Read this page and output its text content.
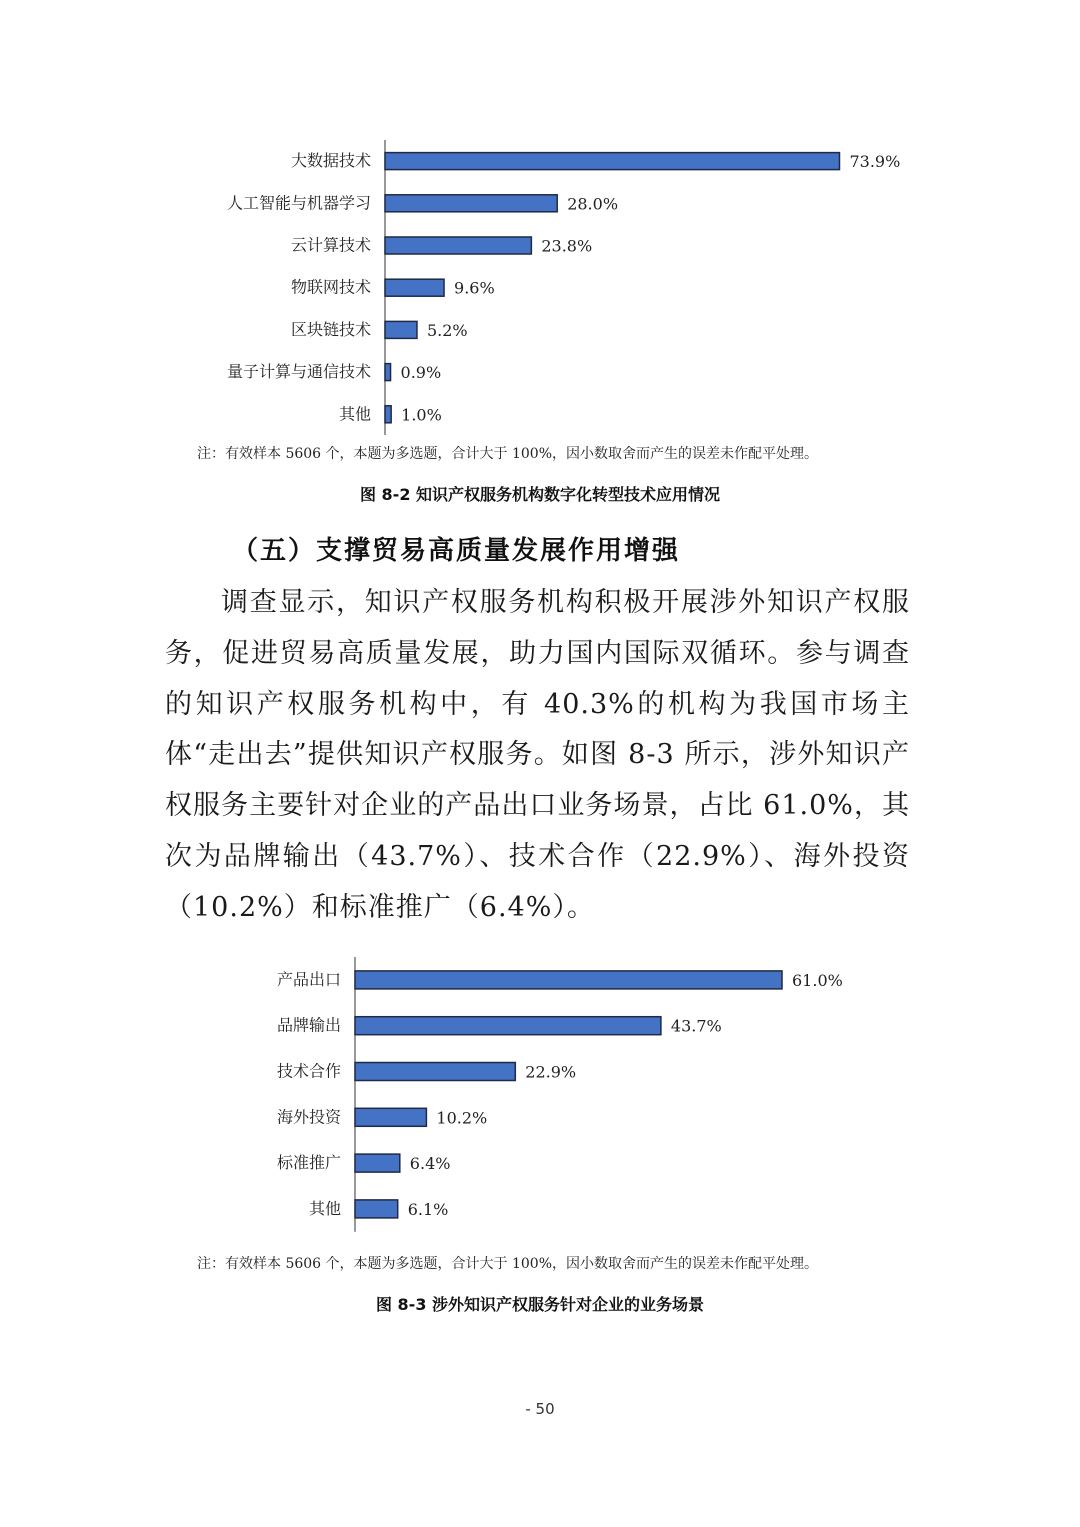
大数据技术	73.9%
人工智能与机器学习	28.0%
云计算技术	23.8%
物联网技术	9.6%
区块链技术	5.2%
量子计算与通信技术 0.9%
其他 1.0%
注：有效样本 5606 个，本题为多选题，合计大于 100%，因小数取舍而产生的误差未作配平处理。
图 8-2 知识产权服务机构数字化转型技术应用情况
（五）支撑贸易高质量发展作用增强
调查显示，知识产权服务机构积极开展涉外知识产权服务，促进贸易高质量发展，助力国内国际双循环。参与调查的知识产权服务机构中，有 40.3%的机构为我国市场主体“走出去”提供知识产权服务。如图 8-3 所示，涉外知识产权服务主要针对企业的产品出口业务场景，占比 61.0%，其次为品牌输出（43.7%）、技术合作（22.9%）、海外投资（10.2%）和标准推广（6.4%）。
产品出口	61.0%
品牌输出	43.7%
技术合作	22.9%
海外投资	10.2%
标准推广	6.4%
其他	6.1%
注：有效样本 5606 个，本题为多选题，合计大于 100%，因小数取舍而产生的误差未作配平处理。
图 8-3 涉外知识产权服务针对企业的业务场景
- 50
